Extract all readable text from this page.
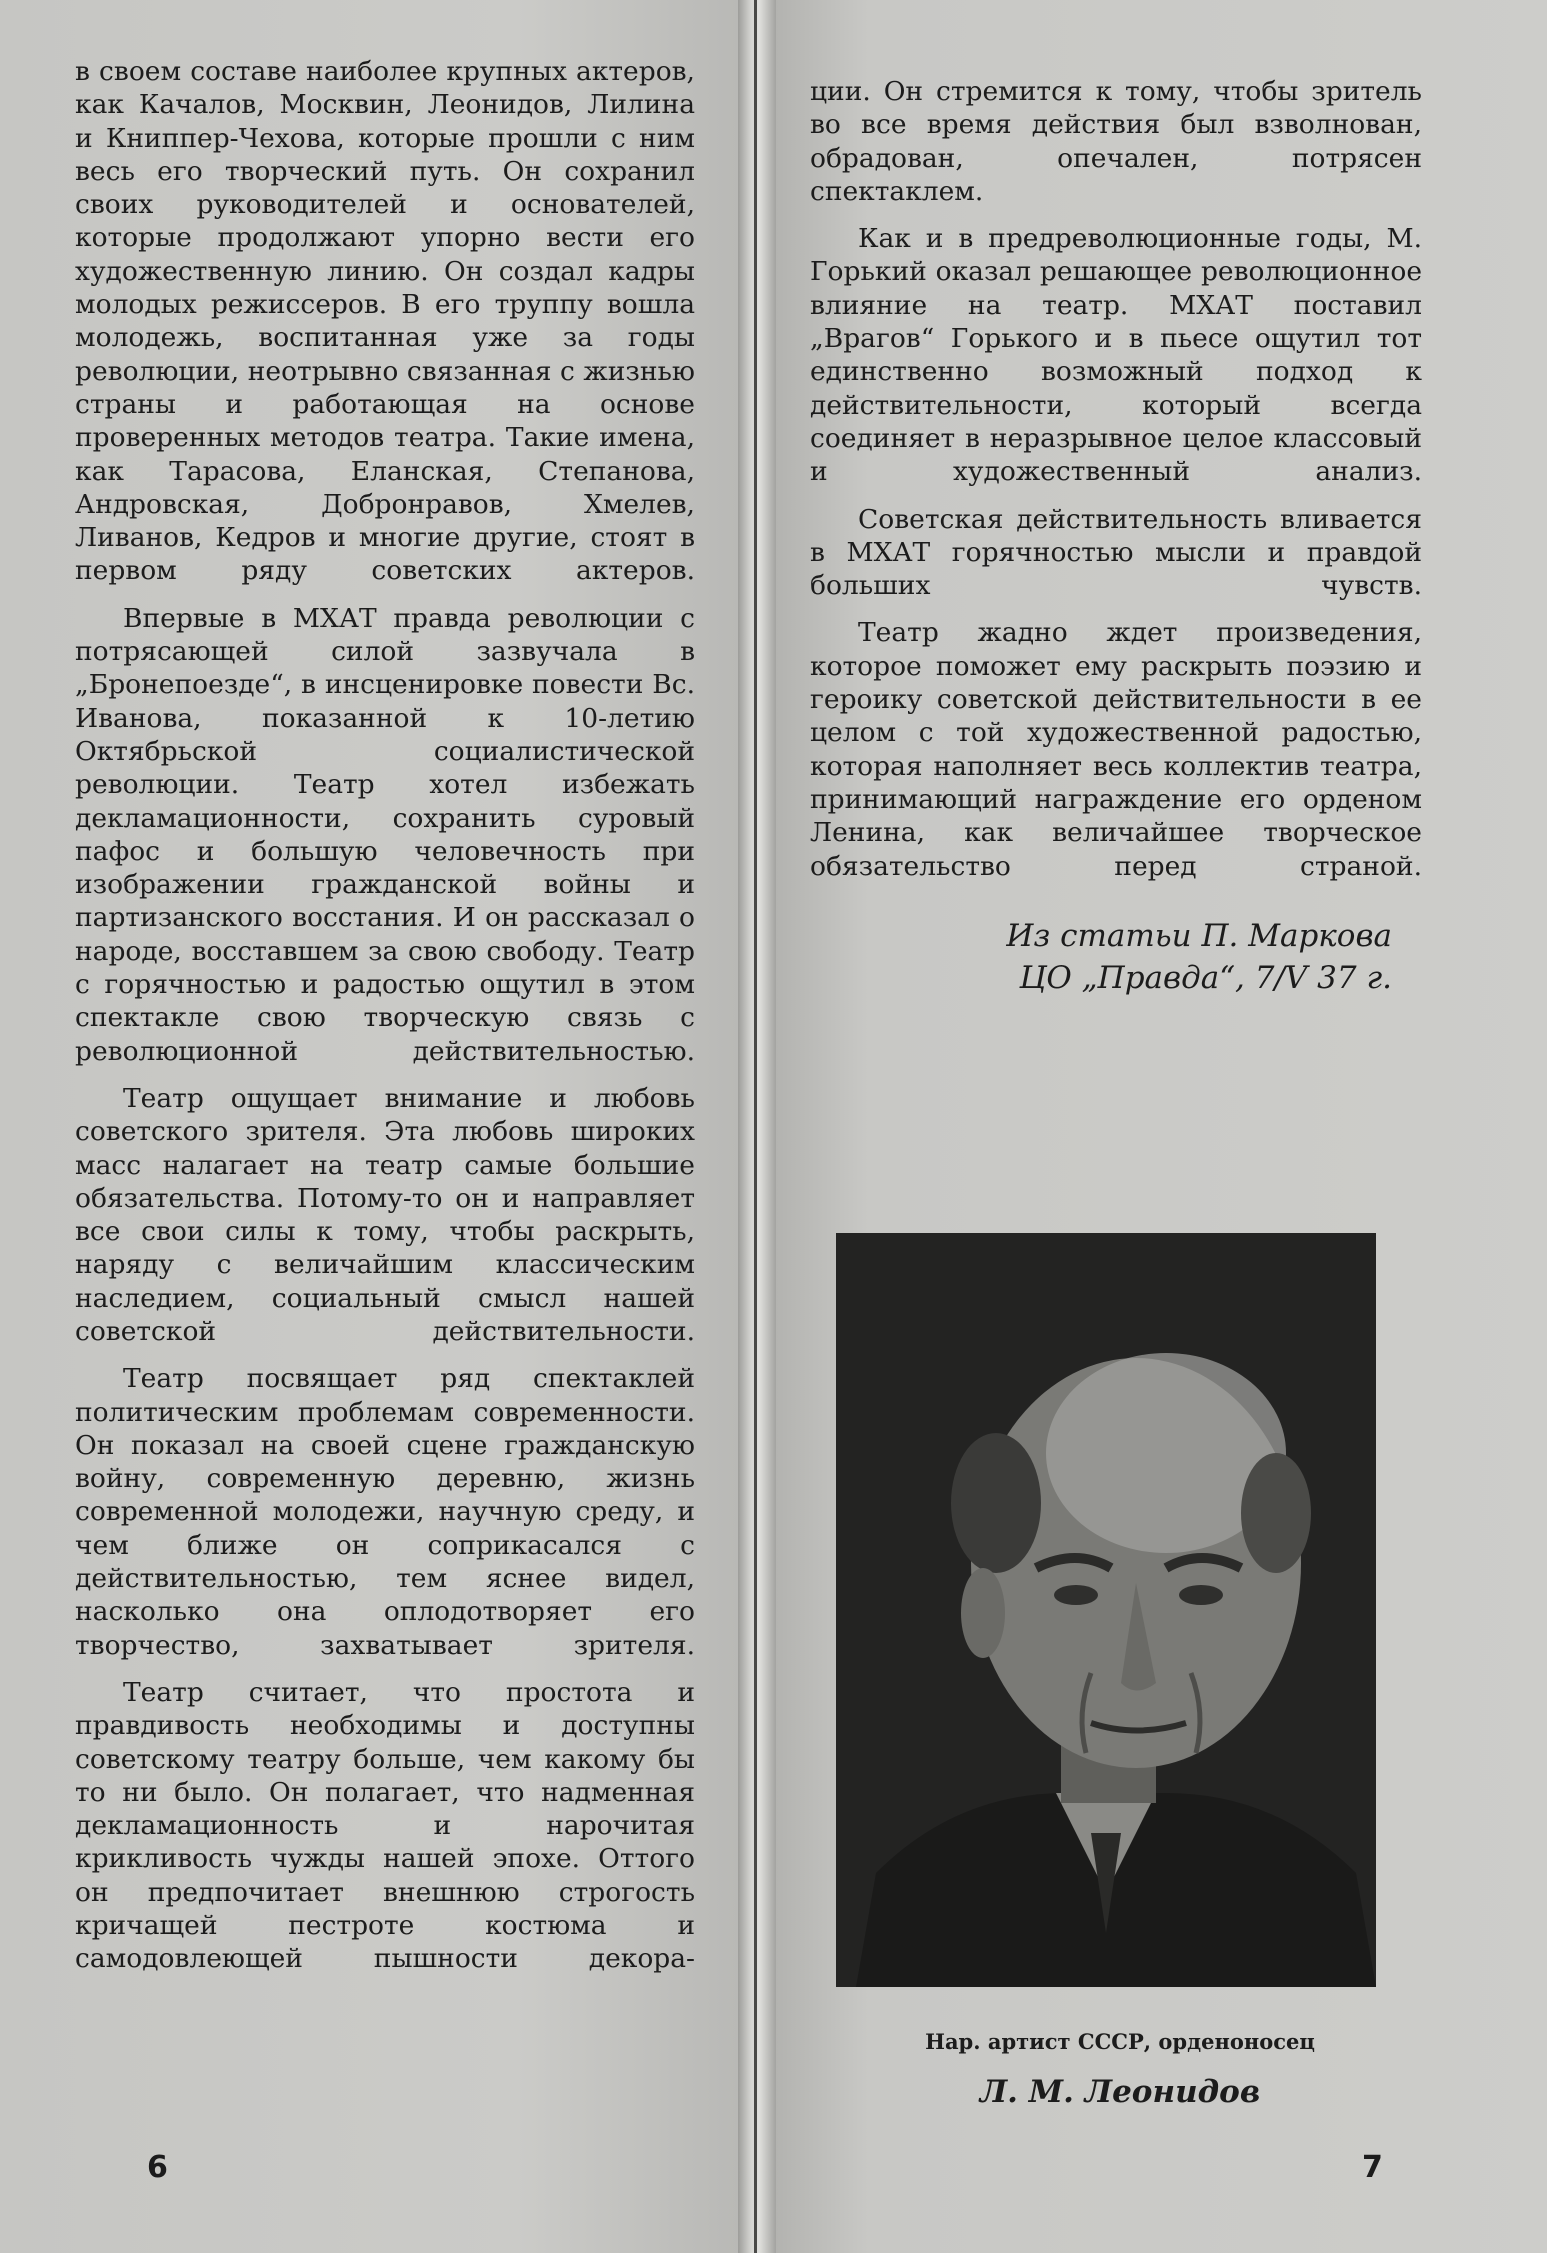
в своем составе наиболее крупных актеров, как Качалов, Москвин, Леонидов, Лилина и Книппер-Чехова, которые прошли с ним весь его творческий путь. Он сохранил своих руководителей и основателей, которые продолжают упорно вести его художественную линию. Он создал кадры молодых режиссеров. В его труппу вошла молодежь, воспитанная уже за годы революции, неотрывно связанная с жизнью страны и работающая на основе проверенных методов театра. Такие имена, как Тарасова, Еланская, Степанова, Андровская, Добронравов, Хмелев, Ливанов, Кедров и многие другие, стоят в первом ряду советских актеров.

Впервые в МХАТ правда революции с потрясающей силой зазвучала в „Бронепоезде“, в инсценировке повести Вс. Иванова, показанной к 10-летию Октябрьской социалистической революции. Театр хотел избежать декламационности, сохранить суровый пафос и большую человечность при изображении гражданской войны и партизанского восстания. И он рассказал о народе, восставшем за свою свободу. Театр с горячностью и радостью ощутил в этом спектакле свою творческую связь с революционной действительностью.

Театр ощущает внимание и любовь советского зрителя. Эта любовь широких масс налагает на театр самые большие обязательства. Потому-то он и направляет все свои силы к тому, чтобы раскрыть, наряду с величайшим классическим наследием, социальный смысл нашей советской действительности.

Театр посвящает ряд спектаклей политическим проблемам современности. Он показал на своей сцене гражданскую войну, современную деревню, жизнь современной молодежи, научную среду, и чем ближе он соприкасался с действительностью, тем яснее видел, насколько она оплодотворяет его творчество, захватывает зрителя.

Театр считает, что простота и правдивость необходимы и доступны советскому театру больше, чем какому бы то ни было. Он полагает, что надменная декламационность и нарочитая крикливость чужды нашей эпохе. Оттого он предпочитает внешнюю строгость кричащей пестроте костюма и самодовлеющей пышности декора-

ции. Он стремится к тому, чтобы зритель во все время действия был взволнован, обрадован, опечален, потрясен спектаклем.

Как и в предреволюционные годы, М. Горький оказал решающее революционное влияние на театр. МХАТ поставил „Врагов“ Горького и в пьесе ощутил тот единственно возможный подход к действительности, который всегда соединяет в неразрывное целое классовый и художественный анализ.

Советская действительность вливается в МХАТ горячностью мысли и правдой больших чувств.

Театр жадно ждет произведения, которое поможет ему раскрыть поэзию и героику советской действительности в ее целом с той художественной радостью, которая наполняет весь коллектив театра, принимающий награждение его орденом Ленина, как величайшее творческое обязательство перед страной.

Из статьи П. Маркова
ЦО „Правда“, 7/V 37 г.
Нар. артист СССР, орденоносец
Л. М. Леонидов
6	7
